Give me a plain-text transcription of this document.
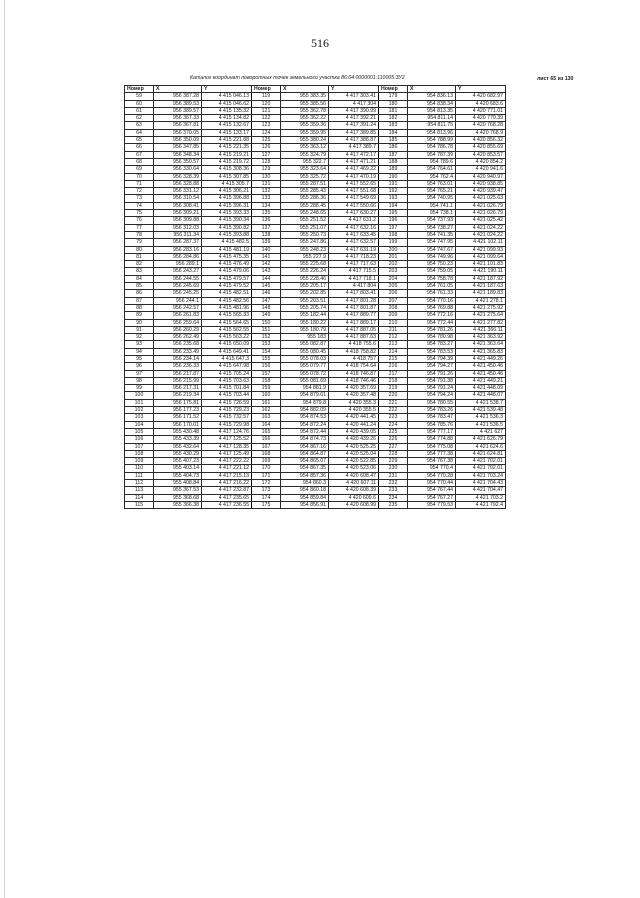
516
Каталог координат поворотных точек земельного участка 86:04:0000001:110005:ЗУ2	лист 65 из 130
Номер	X	Y	Номер	X	Y	Номер	X	Y
59	956 387.28	4 415 046.13	119	955 383.35	4 417 303.41	179	954 836.13	4 420 682.97
60	956 389.53	4 415 046.62	120	955 385.56	4 417 304	180	954 838.34	4 420 683.6
61	956 389.57	4 415 135.32	121	955 362.78	4 417 390.99	181	954 813.35	4 420 771.01
62	956 367.33	4 415 134.82	122	955 362.22	4 417 392.21	182	954 811.14	4 420 770.39
63	956 367.81	4 415 132.67	123	955 359.36	4 417 391.24	183	954 811.75	4 420 768.28
64	956 370.05	4 415 133.17	124	955 359.95	4 417 389.85	184	954 813.96	4 420 768.9
65	956 350.09	4 415 221.88	125	955 380.24	4 417 388.87	185	954 788.99	4 420 856.32
66	956 347.85	4 415 221.35	126	955 363.12	4 417 389.7	186	954 786.78	4 420 855.69
67	956 348.34	4 415 219.21	127	955 324.79	4 417 472.17	187	954 787.39	4 420 853.57
68	956 350.57	4 415 219.72	128	955 322.7	4 417 471.21	188	954 789.6	4 420 854.2
69	956 330.64	4 415 308.36	129	955 323.64	4 417 469.22	189	954 764.61	4 420 941.6
70	956 328.39	4 415 307.85	130	955 325.72	4 417 470.19	190	954 762.4	4 420 940.97
71	956 328.88	4 415 305.7	131	955 287.51	4 417 552.65	191	954 763.01	4 420 938.85
72	956 331.12	4 415 306.21	132	955 285.43	4 417 551.68	192	954 765.21	4 420 939.47
73	956 310.54	4 415 396.88	133	955 286.36	4 417 549.69	193	954 740.95	4 421 025.63
74	956 308.41	4 415 396.31	134	955 288.45	4 417 550.66	194	954 741.1	4 421 026.79
75	956 309.21	4 415 393.33	135	955 248.65	4 417 630.27	195	954 738.1	4 421 026.79
76	956 309.88	4 415 390.34	136	955 251.52	4 417 631.2	196	954 737.93	4 421 025.42
77	956 312.03	4 415 390.82	137	955 251.07	4 417 632.16	197	954 738.27	4 421 024.22
78	956 311.34	4 415 393.88	138	955 250.73	4 417 633.45	198	954 741.35	4 421 024.22
79	956 287.37	4 415 482.5	139	955 247.86	4 417 632.57	199	954 747.95	4 421 102.11
80	956 283.16	4 415 481.19	140	955 248.23	4 417 631.19	200	954 747.67	4 421 099.93
81	956 284.86	4 415 475.35	141	955 227.9	4 417 718.23	201	954 749.96	4 421 099.64
82	956 289.1	4 415 476.49	142	955 225.68	4 417 717.63	202	954 750.23	4 421 101.83
83	956 243.27	4 415 479.06	143	955 226.24	4 417 715.5	203	954 759.05	4 421 190.11
84	956 244.55	4 415 479.57	144	955 228.46	4 417 718.1	204	954 758.78	4 421 187.92
85	956 245.69	4 415 479.52	145	955 205.17	4 417 804	205	954 761.05	4 421 187.63
86	956 245.25	4 415 482.51	146	955 202.85	4 417 803.41	206	954 761.33	4 421 189.83
87	956 244.1	4 415 482.56	147	955 203.51	4 417 801.28	207	954 770.16	4 421 278.1
88	956 242.57	4 415 481.96	148	955 205.74	4 417 801.87	208	954 769.88	4 421 275.92
89	956 261.83	4 415 565.33	149	955 182.44	4 417 889.77	209	954 772.16	4 421 275.64
90	956 259.64	4 415 564.65	150	955 180.22	4 417 889.17	210	954 772.44	4 421 277.82
91	956 260.29	4 415 562.55	151	955 180.79	4 417 887.05	211	954 781.26	4 421 366.11
92	956 262.49	4 415 563.22	152	955 183	4 417 887.63	212	954 780.98	4 421 363.92
93	956 235.68	4 415 650.09	153	955 082.87	4 418 755.6	213	954 783.27	4 421 363.64
94	956 233.49	4 415 649.41	154	955 080.45	4 418 758.82	214	954 783.53	4 421 365.83
95	956 234.14	4 415 647.3	155	955 078.03	4 418 757	215	954 794.39	4 421 449.26
96	956 236.33	4 415 647.98	156	955 079.77	4 418 754.64	216	954 794.27	4 421 450.46
97	956 217.87	4 415 705.24	157	955 078.72	4 418 746.87	217	954 791.26	4 421 450.46
98	956 215.99	4 415 703.63	158	955 081.69	4 418 746.46	218	954 791.38	4 421 449.21
99	956 217.31	4 415 701.84	159	954 881.9	4 420 357.69	219	954 791.24	4 421 448.09
100	956 219.34	4 415 703.44	160	954 879.61	4 420 357.48	220	954 794.24	4 421 448.07
101	956 175.81	4 415 726.59	161	954 879.8	4 420 355.3	221	954 780.55	4 421 538.7
102	956 177.23	4 415 729.23	162	954 882.09	4 420 355.5	222	954 783.26	4 421 539.48
103	956 171.52	4 415 732.57	163	954 874.53	4 420 441.45	223	954 783.47	4 421 536.3
104	956 170.01	4 415 729.98	164	954 872.24	4 420 441.24	224	954 785.76	4 421 536.5
105	955 430.48	4 417 124.76	165	954 872.44	4 420 439.05	225	954 777.17	4 421 627
106	955 433.39	4 417 125.52	166	954 874.73	4 420 439.26	226	954 774.88	4 421 626.79
107	955 432.64	4 417 128.35	167	954 867.16	4 420 525.25	227	954 775.08	4 421 624.6
108	955 430.29	4 417 125.49	168	954 864.87	4 420 525.04	228	954 777.38	4 421 624.81
109	955 407.23	4 417 222.22	169	954 865.07	4 420 522.85	229	954 767.38	4 421 702.01
110	955 403.14	4 417 221.12	170	954 867.35	4 420 523.06	230	954 770.4	4 421 702.01
111	955 404.73	4 417 215.13	171	954 857.36	4 420 608.47	231	954 770.28	4 421 703.24
112	955 408.84	4 417 216.22	172	954 860.3	4 420 607.11	232	954 770.44	4 421 704.43
113	955 367.53	4 417 232.87	173	954 860.18	4 420 608.39	233	954 767.44	4 421 704.47
114	955 368.68	4 417 235.65	174	954 859.84	4 420 609.6	234	954 767.27	4 421 703.2
115	955 366.38	4 417 236.55	175	954 856.91	4 420 608.99	235	954 779.53	4 421 792.4
